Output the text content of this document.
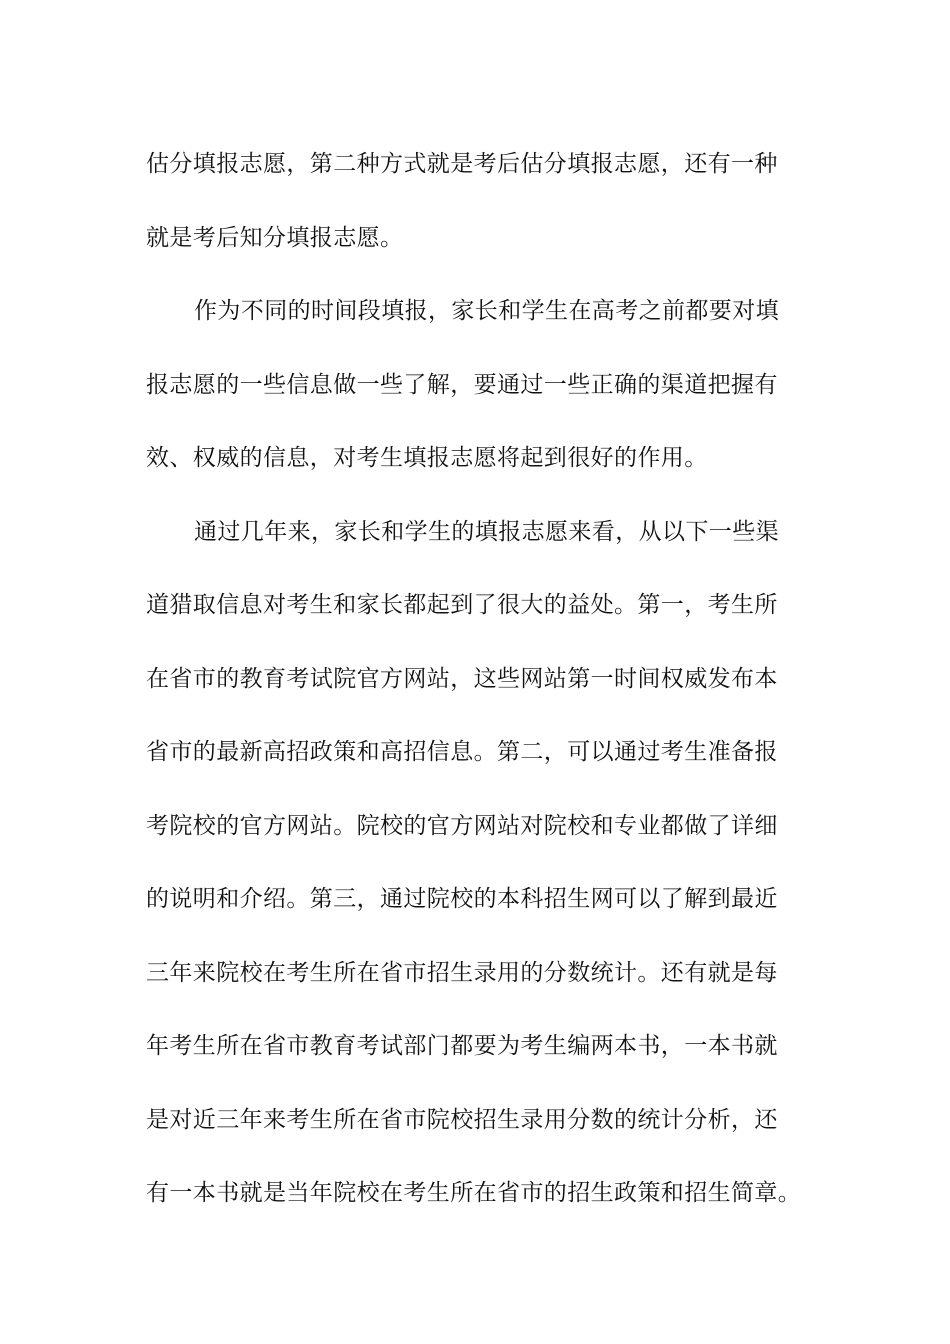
估分填报志愿，第二种方式就是考后估分填报志愿，还有一种
就是考后知分填报志愿。
作为不同的时间段填报，家长和学生在高考之前都要对填
报志愿的一些信息做一些了解，要通过一些正确的渠道把握有
效、权威的信息，对考生填报志愿将起到很好的作用。
通过几年来，家长和学生的填报志愿来看，从以下一些渠
道猎取信息对考生和家长都起到了很大的益处。第一，考生所
在省市的教育考试院官方网站，这些网站第一时间权威发布本
省市的最新高招政策和高招信息。第二，可以通过考生准备报
考院校的官方网站。院校的官方网站对院校和专业都做了详细
的说明和介绍。第三，通过院校的本科招生网可以了解到最近
三年来院校在考生所在省市招生录用的分数统计。还有就是每
年考生所在省市教育考试部门都要为考生编两本书，一本书就
是对近三年来考生所在省市院校招生录用分数的统计分析，还
有一本书就是当年院校在考生所在省市的招生政策和招生简章。
